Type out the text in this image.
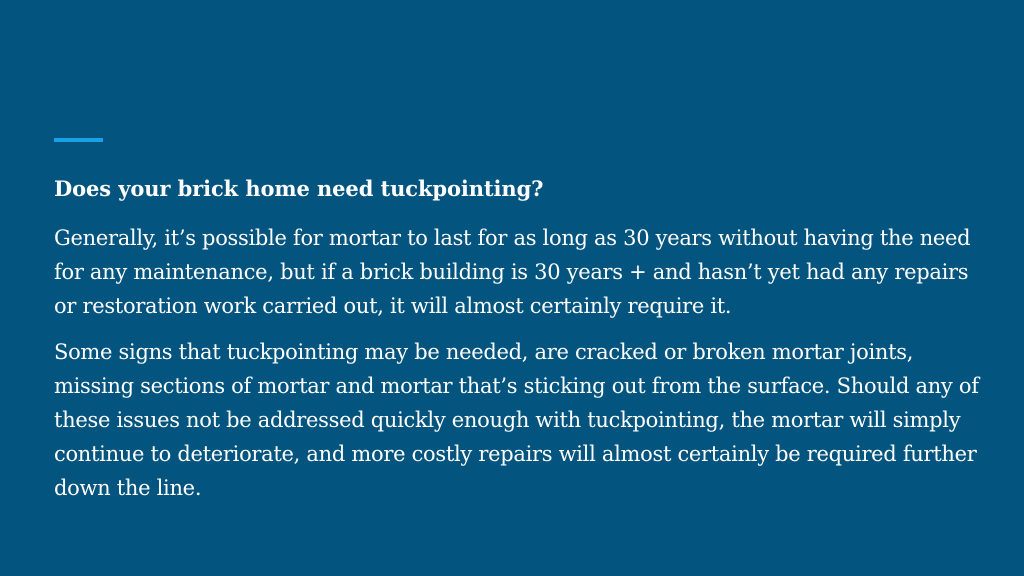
Does your brick home need tuckpointing?

Generally, it’s possible for mortar to last for as long as 30 years without having the need for any maintenance, but if a brick building is 30 years + and hasn’t yet had any repairs or restoration work carried out, it will almost certainly require it.

Some signs that tuckpointing may be needed, are cracked or broken mortar joints, missing sections of mortar and mortar that’s sticking out from the surface. Should any of these issues not be addressed quickly enough with tuckpointing, the mortar will simply continue to deteriorate, and more costly repairs will almost certainly be required further down the line.
